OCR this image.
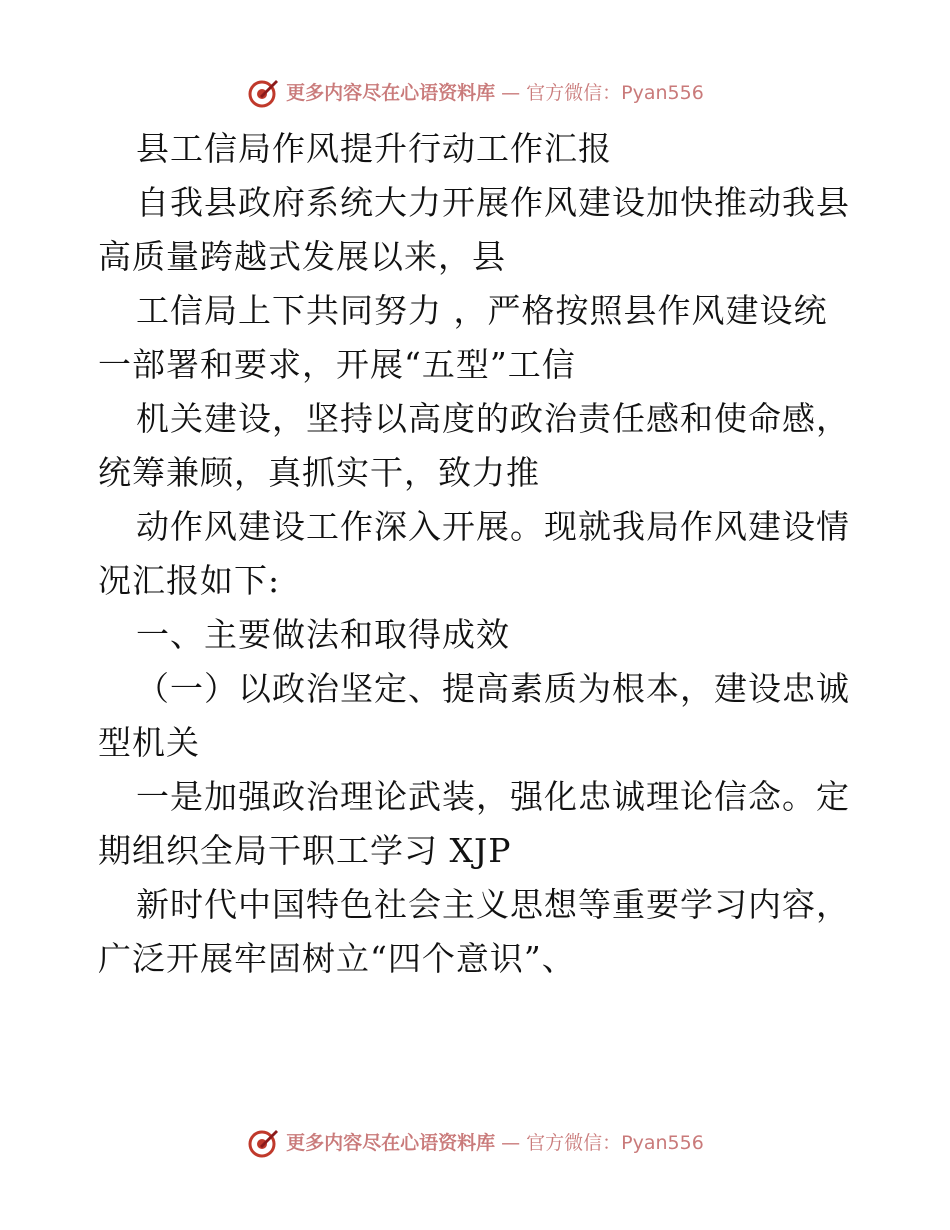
更多内容尽在心语资料库 — 官方微信：Pyan556
县工信局作风提升行动工作汇报
自我县政府系统大力开展作风建设加快推动我县
高质量跨越式发展以来，县
工信局上下共同努力 ，严格按照县作风建设统
一部署和要求，开展“五型”工信
机关建设，坚持以高度的政治责任感和使命感，
统筹兼顾，真抓实干，致力推
动作风建设工作深入开展。现就我局作风建设情
况汇报如下:
一、主要做法和取得成效
（一）以政治坚定、提高素质为根本，建设忠诚
型机关
一是加强政治理论武装，强化忠诚理论信念。定
期组织全局干职工学习 XJP
新时代中国特色社会主义思想等重要学习内容，
广泛开展牢固树立“四个意识”、
更多内容尽在心语资料库 — 官方微信：Pyan556
